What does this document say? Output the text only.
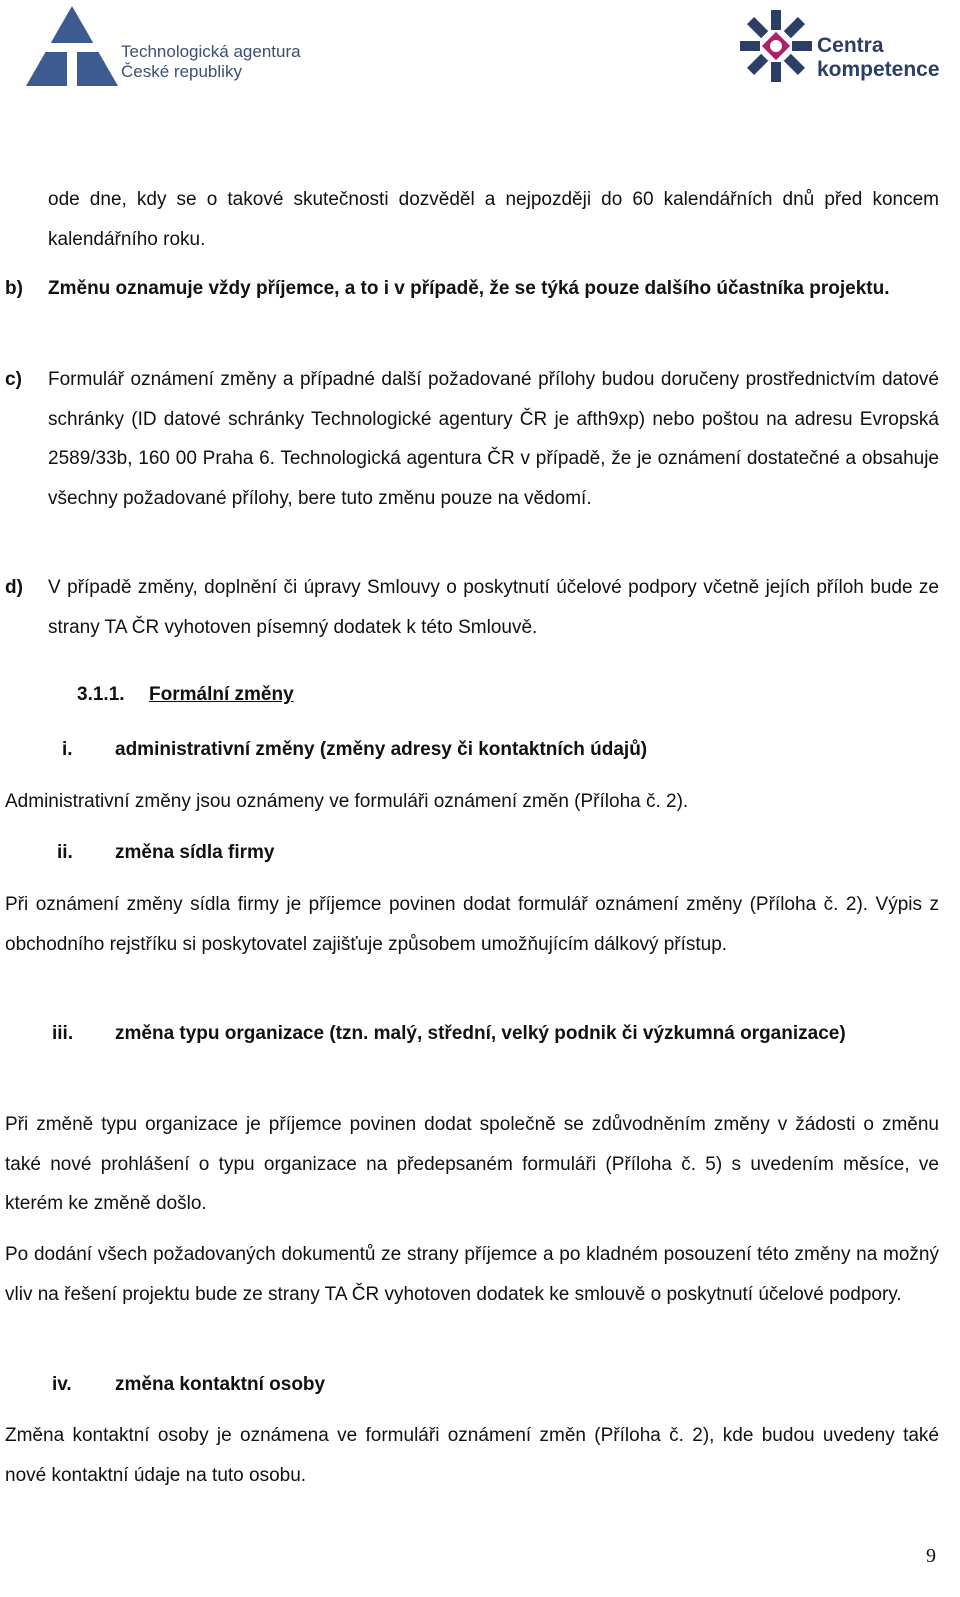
Technologická agentura
České republiky
Centra
kompetence
ode dne, kdy se o takové skutečnosti dozvěděl a nejpozději do 60 kalendářních dnů před koncem kalendářního roku.
b) Změnu oznamuje vždy příjemce, a to i v případě, že se týká pouze dalšího účastníka projektu.
c) Formulář oznámení změny a případné další požadované přílohy budou doručeny prostřednictvím datové schránky (ID datové schránky Technologické agentury ČR je afth9xp) nebo poštou na adresu Evropská 2589/33b, 160 00 Praha 6. Technologická agentura ČR v případě, že je oznámení dostatečné a obsahuje všechny požadované přílohy, bere tuto změnu pouze na vědomí.
d) V případě změny, doplnění či úpravy Smlouvy o poskytnutí účelové podpory včetně jejích příloh bude ze strany TA ČR vyhotoven písemný dodatek k této Smlouvě.
3.1.1. Formální změny
i.	administrativní změny (změny adresy či kontaktních údajů)
Administrativní změny jsou oznámeny ve formuláři oznámení změn (Příloha č. 2).
ii.	změna sídla firmy
Při oznámení změny sídla firmy je příjemce povinen dodat formulář oznámení změny (Příloha č. 2). Výpis z obchodního rejstříku si poskytovatel zajišťuje způsobem umožňujícím dálkový přístup.
iii.	změna typu organizace (tzn. malý, střední, velký podnik či výzkumná organizace)
Při změně typu organizace je příjemce povinen dodat společně se zdůvodněním změny v žádosti o změnu také nové prohlášení o typu organizace na předepsaném formuláři (Příloha č. 5) s uvedením měsíce, ve kterém ke změně došlo.
Po dodání všech požadovaných dokumentů ze strany příjemce a po kladném posouzení této změny na možný vliv na řešení projektu bude ze strany TA ČR vyhotoven dodatek ke smlouvě o poskytnutí účelové podpory.
iv.	změna kontaktní osoby
Změna kontaktní osoby je oznámena ve formuláři oznámení změn (Příloha č. 2), kde budou uvedeny také nové kontaktní údaje na tuto osobu.
9
